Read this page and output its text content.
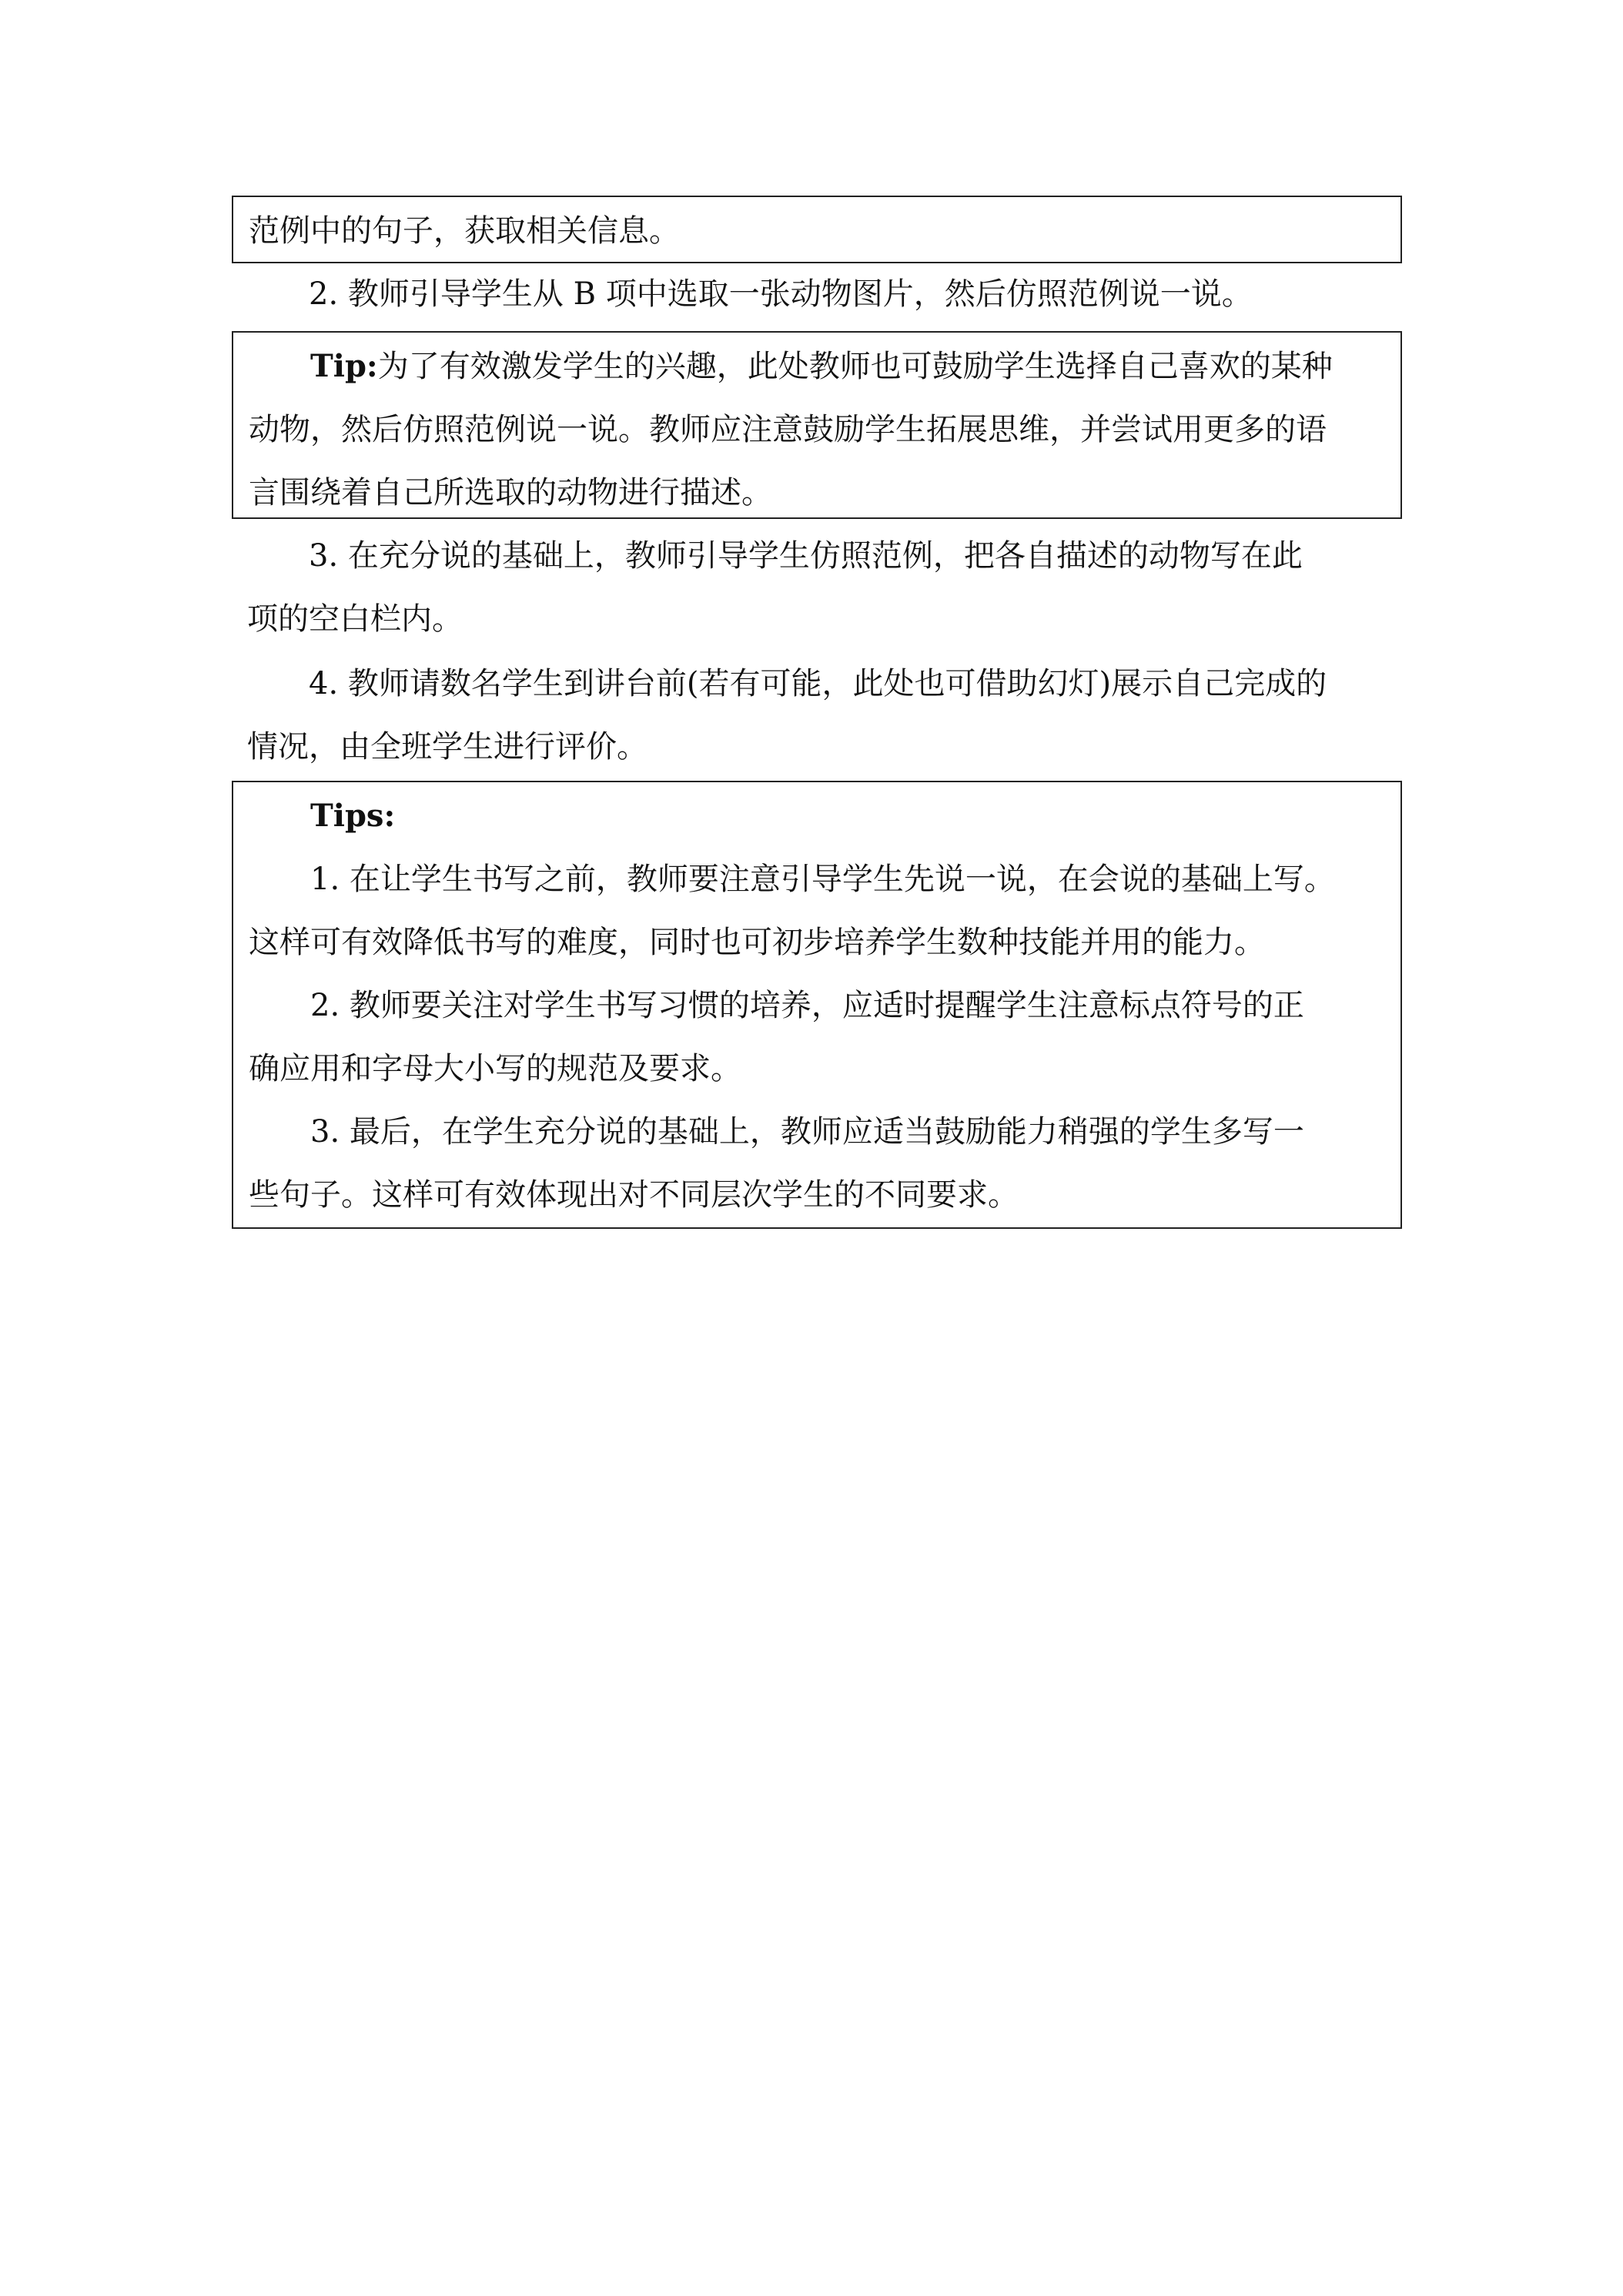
范例中的句子，获取相关信息。

2. 教师引导学生从 B 项中选取一张动物图片，然后仿照范例说一说。

Tip:为了有效激发学生的兴趣，此处教师也可鼓励学生选择自己喜欢的某种

动物，然后仿照范例说一说。教师应注意鼓励学生拓展思维，并尝试用更多的语

言围绕着自己所选取的动物进行描述。

3. 在充分说的基础上，教师引导学生仿照范例，把各自描述的动物写在此

项的空白栏内。

4. 教师请数名学生到讲台前(若有可能，此处也可借助幻灯)展示自己完成的

情况，由全班学生进行评价。

Tips:

1. 在让学生书写之前，教师要注意引导学生先说一说，在会说的基础上写。

这样可有效降低书写的难度，同时也可初步培养学生数种技能并用的能力。

2. 教师要关注对学生书写习惯的培养，应适时提醒学生注意标点符号的正

确应用和字母大小写的规范及要求。

3. 最后，在学生充分说的基础上，教师应适当鼓励能力稍强的学生多写一

些句子。这样可有效体现出对不同层次学生的不同要求。
